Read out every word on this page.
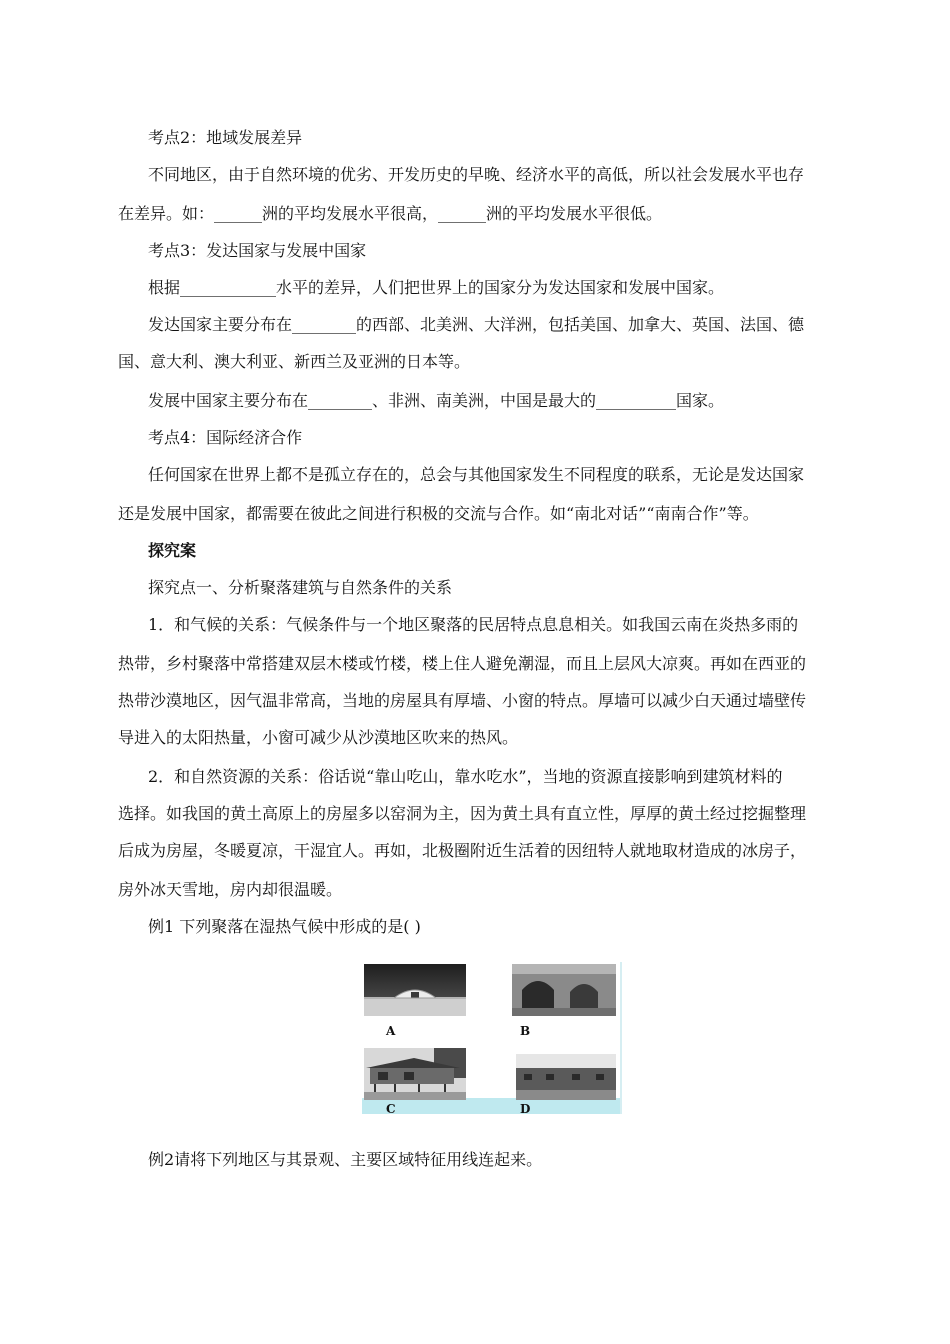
考点2：地域发展差异
不同地区，由于自然环境的优劣、开发历史的早晚、经济水平的高低，所以社会发展水平也存
在差异。如：______洲的平均发展水平很高，______洲的平均发展水平很低。
考点3：发达国家与发展中国家
根据____________水平的差异，人们把世界上的国家分为发达国家和发展中国家。
发达国家主要分布在________的西部、北美洲、大洋洲，包括美国、加拿大、英国、法国、德
国、意大利、澳大利亚、新西兰及亚洲的日本等。
发展中国家主要分布在________、非洲、南美洲，中国是最大的__________国家。
考点4：国际经济合作
任何国家在世界上都不是孤立存在的，总会与其他国家发生不同程度的联系，无论是发达国家
还是发展中国家，都需要在彼此之间进行积极的交流与合作。如“南北对话”“南南合作”等。
探究案
探究点一、分析聚落建筑与自然条件的关系
1．和气候的关系：气候条件与一个地区聚落的民居特点息息相关。如我国云南在炎热多雨的
热带，乡村聚落中常搭建双层木楼或竹楼，楼上住人避免潮湿，而且上层风大凉爽。再如在西亚的
热带沙漠地区，因气温非常高，当地的房屋具有厚墙、小窗的特点。厚墙可以减少白天通过墙壁传
导进入的太阳热量，小窗可减少从沙漠地区吹来的热风。
2．和自然资源的关系：俗话说“靠山吃山，靠水吃水”，当地的资源直接影响到建筑材料的
选择。如我国的黄土高原上的房屋多以窑洞为主，因为黄土具有直立性，厚厚的黄土经过挖掘整理
后成为房屋，冬暖夏凉，干湿宜人。再如，北极圈附近生活着的因纽特人就地取材造成的冰房子，
房外冰天雪地，房内却很温暖。
例1 下列聚落在湿热气候中形成的是( )
A	B
C	D
例2请将下列地区与其景观、主要区域特征用线连起来。
